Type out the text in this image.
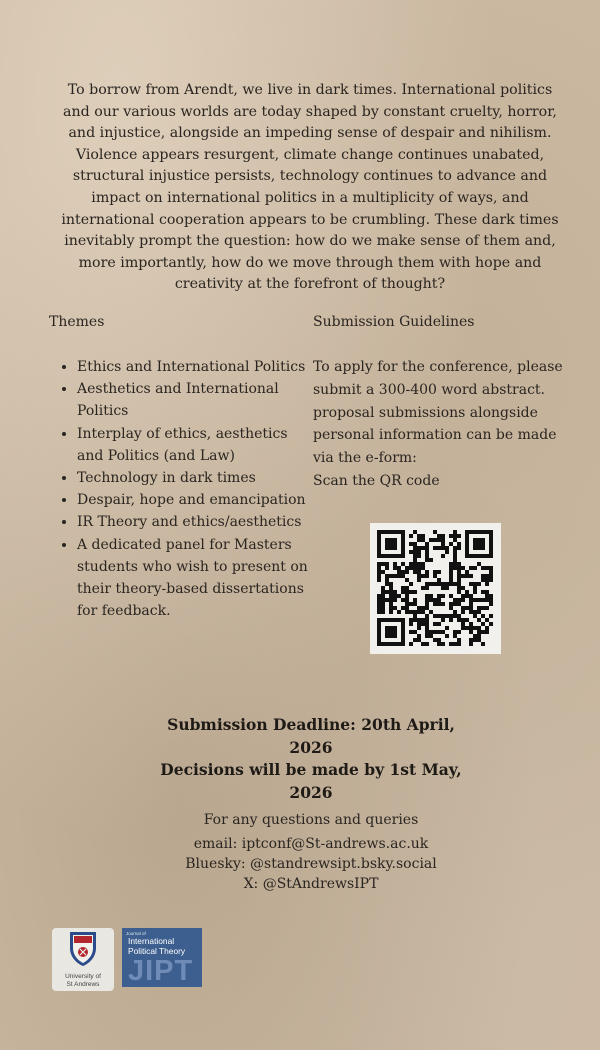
To borrow from Arendt, we live in dark times. International politics and our various worlds are today shaped by constant cruelty, horror, and injustice, alongside an impeding sense of despair and nihilism. Violence appears resurgent, climate change continues unabated, structural injustice persists, technology continues to advance and impact on international politics in a multiplicity of ways, and international cooperation appears to be crumbling. These dark times inevitably prompt the question: how do we make sense of them and, more importantly, how do we move through them with hope and creativity at the forefront of thought?

Themes

• Ethics and International Politics
• Aesthetics and International Politics
• Interplay of ethics, aesthetics and Politics (and Law)
• Technology in dark times
• Despair, hope and emancipation
• IR Theory and ethics/aesthetics
• A dedicated panel for Masters students who wish to present on their theory-based dissertations for feedback.

Submission Guidelines

To apply for the conference, please submit a 300-400 word abstract. proposal submissions alongside personal information can be made via the e-form:

Scan the QR code

Submission Deadline: 20th April, 2026
Decisions will be made by 1st May, 2026
For any questions and queries
email: iptconf@St-andrews.ac.uk
Bluesky: @standrewsipt.bsky.social
X: @StAndrewsIPT
University of
St Andrews
Journal of
International
Political Theory
JIPT
